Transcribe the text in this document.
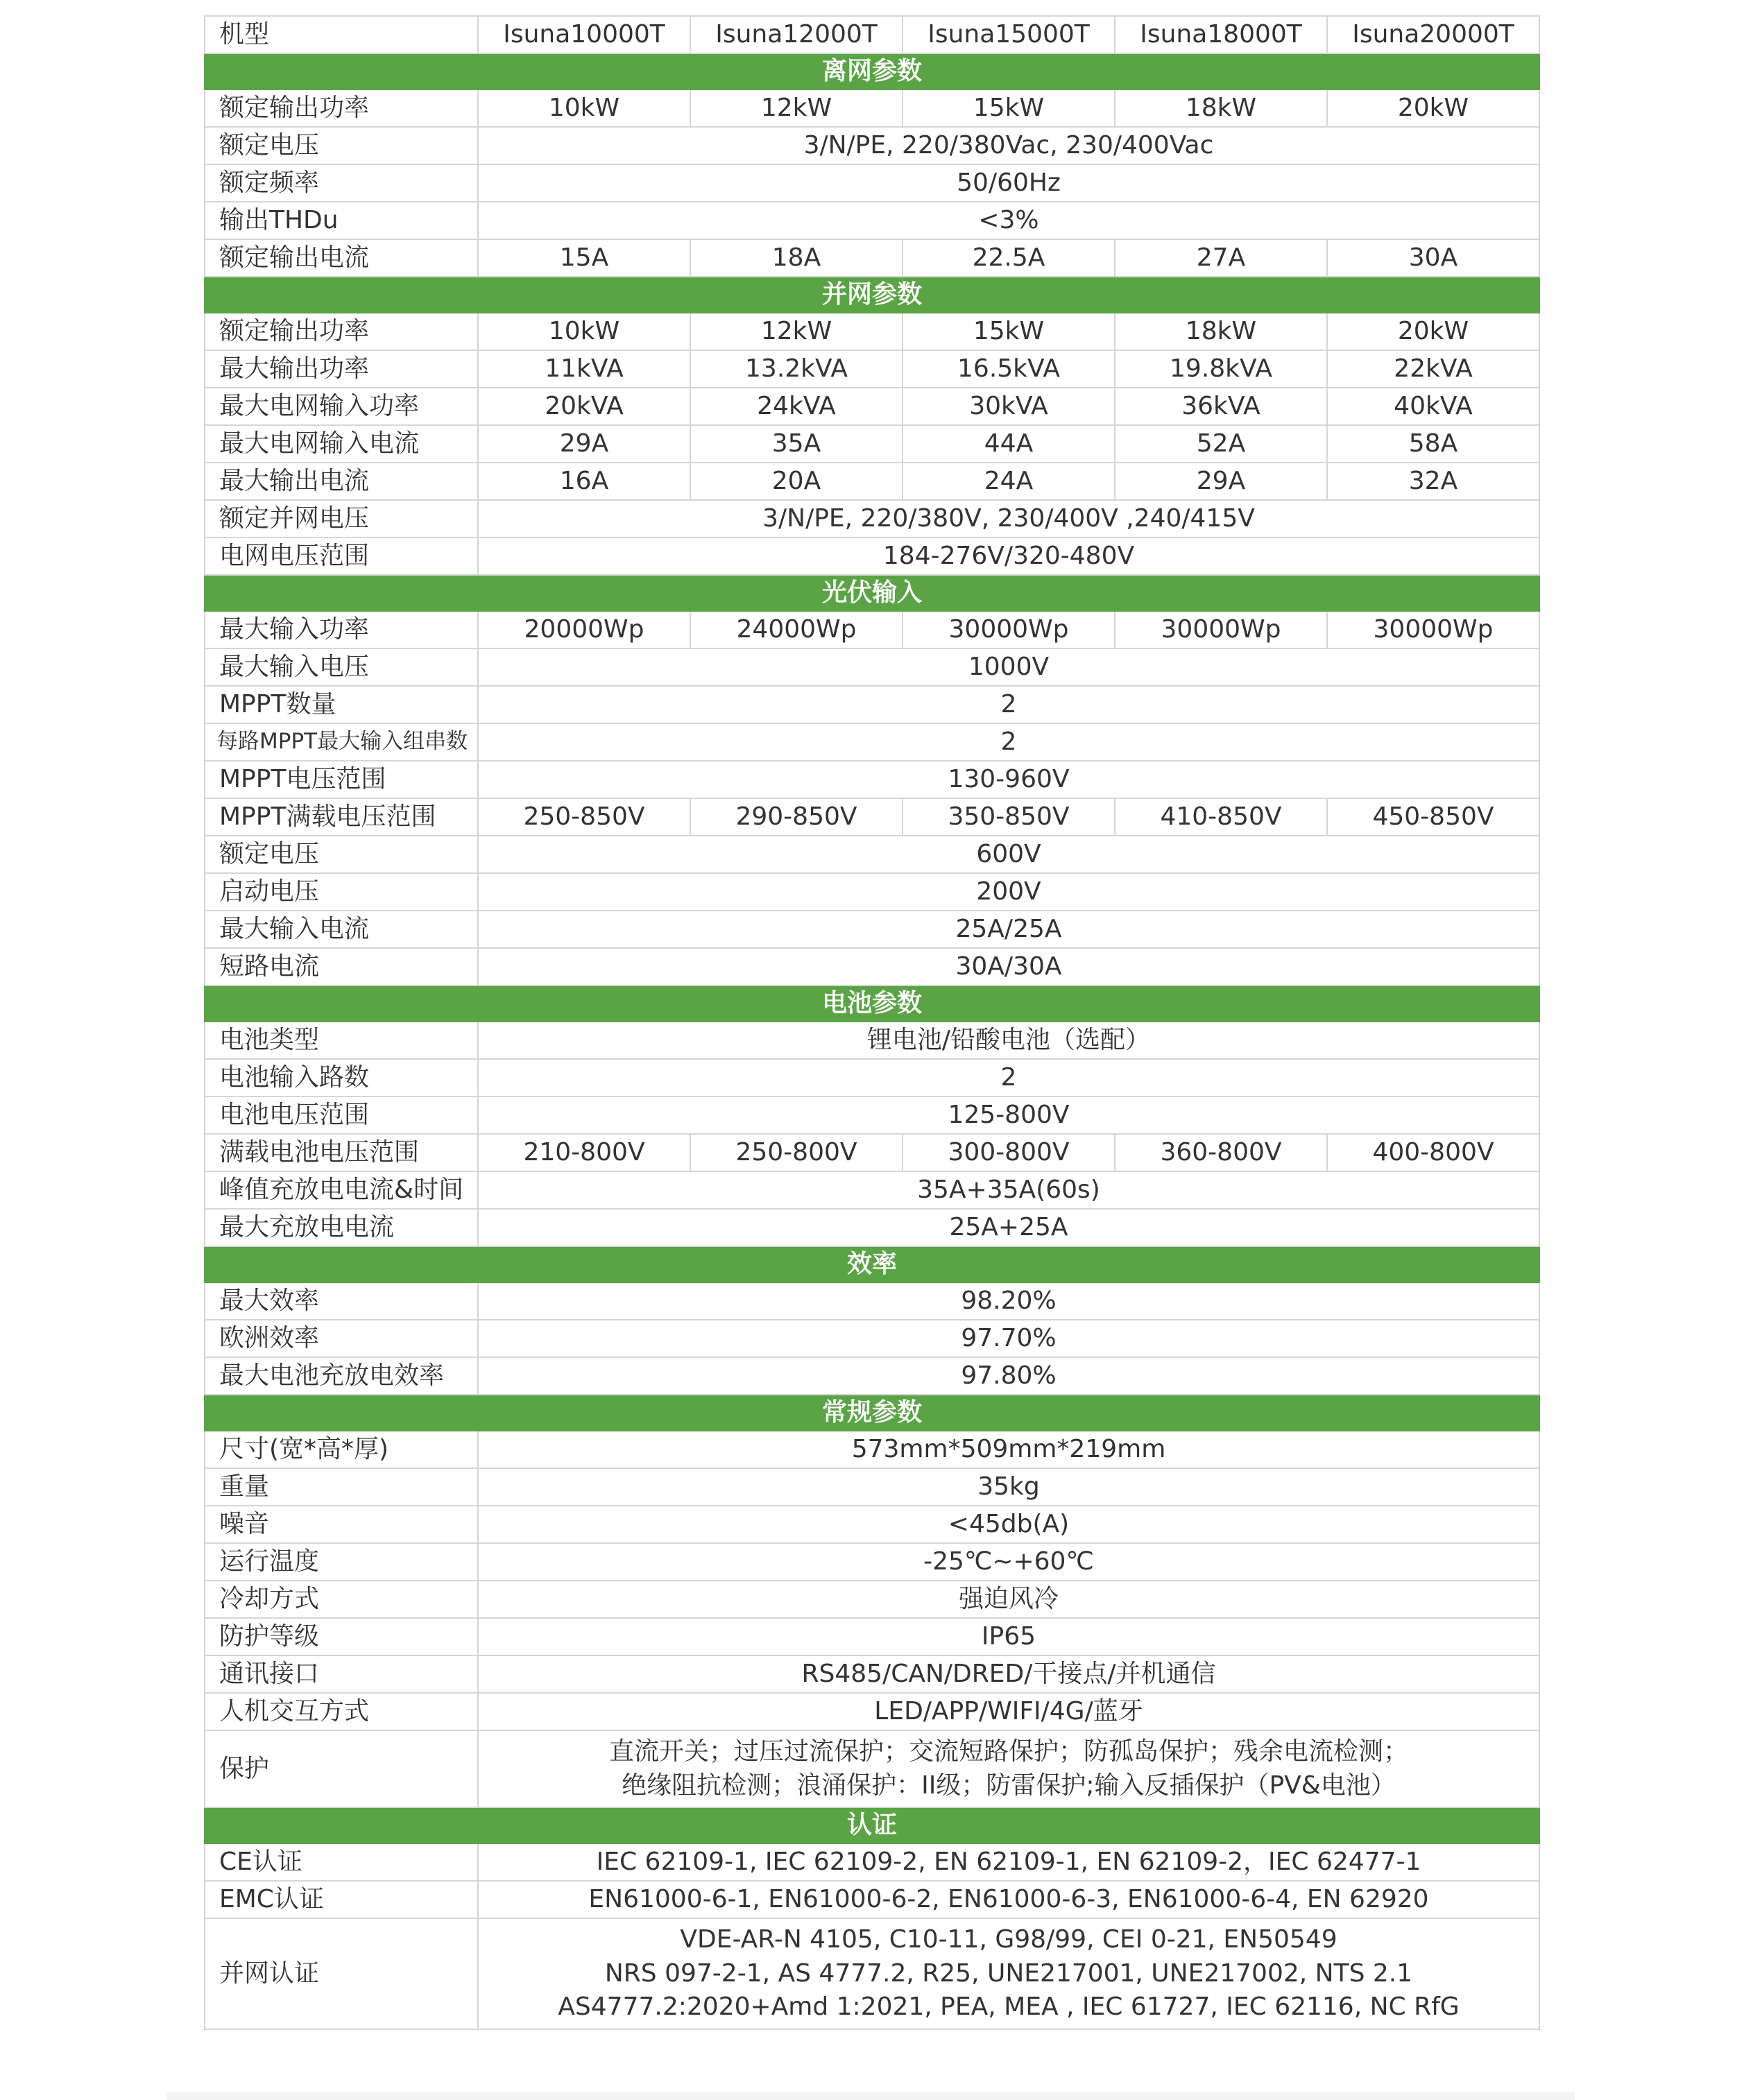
机型	Isuna10000T	Isuna12000T	Isuna15000T	Isuna18000T	Isuna20000T
离网参数					
额定输出功率	10kW	12kW	15kW	18kW	20kW
额定电压	3/N/PE, 220/380Vac, 230/400Vac				
额定频率	50/60Hz				
输出THDu	<3%				
额定输出电流	15A	18A	22.5A	27A	30A
并网参数					
额定输出功率	10kW	12kW	15kW	18kW	20kW
最大输出功率	11kVA	13.2kVA	16.5kVA	19.8kVA	22kVA
最大电网输入功率	20kVA	24kVA	30kVA	36kVA	40kVA
最大电网输入电流	29A	35A	44A	52A	58A
最大输出电流	16A	20A	24A	29A	32A
额定并网电压	3/N/PE, 220/380V, 230/400V ,240/415V				
电网电压范围	184-276V/320-480V				
光伏输入					
最大输入功率	20000Wp	24000Wp	30000Wp	30000Wp	30000Wp
最大输入电压	1000V				
MPPT数量	2				
每路MPPT最大输入组串数	2				
MPPT电压范围	130-960V				
MPPT满载电压范围	250-850V	290-850V	350-850V	410-850V	450-850V
额定电压	600V				
启动电压	200V				
最大输入电流	25A/25A				
短路电流	30A/30A				
电池参数					
电池类型	锂电池/铅酸电池（选配）				
电池输入路数	2				
电池电压范围	125-800V				
满载电池电压范围	210-800V	250-800V	300-800V	360-800V	400-800V
峰值充放电电流&时间	35A+35A(60s)				
最大充放电电流	25A+25A				
效率					
最大效率	98.20%				
欧洲效率	97.70%				
最大电池充放电效率	97.80%				
常规参数					
尺寸(宽*高*厚)	573mm*509mm*219mm				
重量	35kg				
噪音	<45db(A)				
运行温度	-25℃~+60℃				
冷却方式	强迫风冷				
防护等级	IP65				
通讯接口	RS485/CAN/DRED/干接点/并机通信				
人机交互方式	LED/APP/WIFI/4G/蓝牙				
保护	直流开关；过压过流保护；交流短路保护；防孤岛保护；残余电流检测；
绝缘阻抗检测；浪涌保护：II级；防雷保护;输入反插保护（PV&电池）				

认证					
CE认证	IEC 62109-1, IEC 62109-2, EN 62109-1, EN 62109-2，IEC 62477-1				
EMC认证	EN61000-6-1, EN61000-6-2, EN61000-6-3, EN61000-6-4, EN 62920				
并网认证	VDE-AR-N 4105, C10-11, G98/99, CEI 0-21, EN50549
NRS 097-2-1, AS 4777.2, R25, UNE217001, UNE217002, NTS 2.1
AS4777.2:2020+Amd 1:2021, PEA, MEA , IEC 61727, IEC 62116, NC RfG				
